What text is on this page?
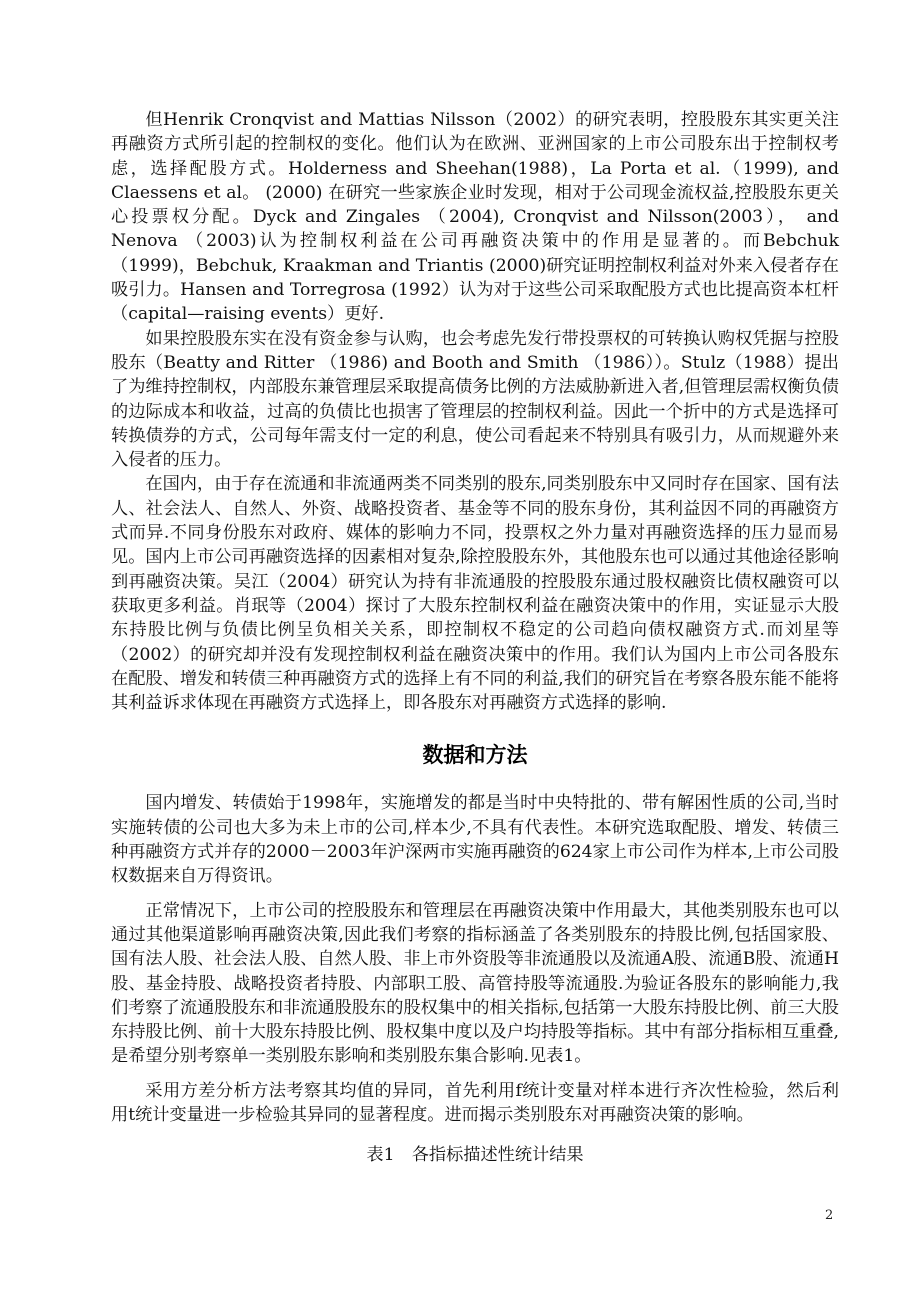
但Henrik Cronqvist and Mattias Nilsson（2002）的研究表明，控股股东其实更关注再融资方式所引起的控制权的变化。他们认为在欧洲、亚洲国家的上市公司股东出于控制权考虑，选择配股方式。Holderness and Sheehan(1988)，La Porta et al.（1999), and Claessens et al。 (2000) 在研究一些家族企业时发现，相对于公司现金流权益,控股股东更关心投票权分配。Dyck and Zingales （2004), Cronqvist and Nilsson(2003）， and Nenova （2003)认为控制权利益在公司再融资决策中的作用是显著的。而Bebchuk （1999)，Bebchuk, Kraakman and Triantis (2000)研究证明控制权利益对外来入侵者存在吸引力。Hansen and Torregrosa (1992）认为对于这些公司采取配股方式也比提高资本杠杆（capital—raising events）更好.

如果控股股东实在没有资金参与认购，也会考虑先发行带投票权的可转换认购权凭据与控股股东（Beatty and Ritter （1986) and Booth and Smith （1986））。Stulz（1988）提出了为维持控制权，内部股东兼管理层采取提高债务比例的方法威胁新进入者,但管理层需权衡负债的边际成本和收益，过高的负债比也损害了管理层的控制权利益。因此一个折中的方式是选择可转换债券的方式，公司每年需支付一定的利息，使公司看起来不特别具有吸引力，从而规避外来入侵者的压力。

在国内，由于存在流通和非流通两类不同类别的股东,同类别股东中又同时存在国家、国有法人、社会法人、自然人、外资、战略投资者、基金等不同的股东身份，其利益因不同的再融资方式而异.不同身份股东对政府、媒体的影响力不同，投票权之外力量对再融资选择的压力显而易见。国内上市公司再融资选择的因素相对复杂,除控股股东外，其他股东也可以通过其他途径影响到再融资决策。吴江（2004）研究认为持有非流通股的控股股东通过股权融资比债权融资可以获取更多利益。肖珉等（2004）探讨了大股东控制权利益在融资决策中的作用，实证显示大股东持股比例与负债比例呈负相关关系，即控制权不稳定的公司趋向债权融资方式.而刘星等（2002）的研究却并没有发现控制权利益在融资决策中的作用。我们认为国内上市公司各股东在配股、增发和转债三种再融资方式的选择上有不同的利益,我们的研究旨在考察各股东能不能将其利益诉求体现在再融资方式选择上，即各股东对再融资方式选择的影响.

数据和方法

国内增发、转债始于1998年，实施增发的都是当时中央特批的、带有解困性质的公司,当时实施转债的公司也大多为未上市的公司,样本少,不具有代表性。本研究选取配股、增发、转债三种再融资方式并存的2000－2003年沪深两市实施再融资的624家上市公司作为样本,上市公司股权数据来自万得资讯。

正常情况下，上市公司的控股股东和管理层在再融资决策中作用最大，其他类别股东也可以通过其他渠道影响再融资决策,因此我们考察的指标涵盖了各类别股东的持股比例,包括国家股、国有法人股、社会法人股、自然人股、非上市外资股等非流通股以及流通A股、流通B股、流通H股、基金持股、战略投资者持股、内部职工股、高管持股等流通股.为验证各股东的影响能力,我们考察了流通股股东和非流通股股东的股权集中的相关指标,包括第一大股东持股比例、前三大股东持股比例、前十大股东持股比例、股权集中度以及户均持股等指标。其中有部分指标相互重叠,是希望分别考察单一类别股东影响和类别股东集合影响.见表1。

采用方差分析方法考察其均值的异同，首先利用f统计变量对样本进行齐次性检验，然后利用t统计变量进一步检验其异同的显著程度。进而揭示类别股东对再融资决策的影响。

表1　各指标描述性统计结果

2
